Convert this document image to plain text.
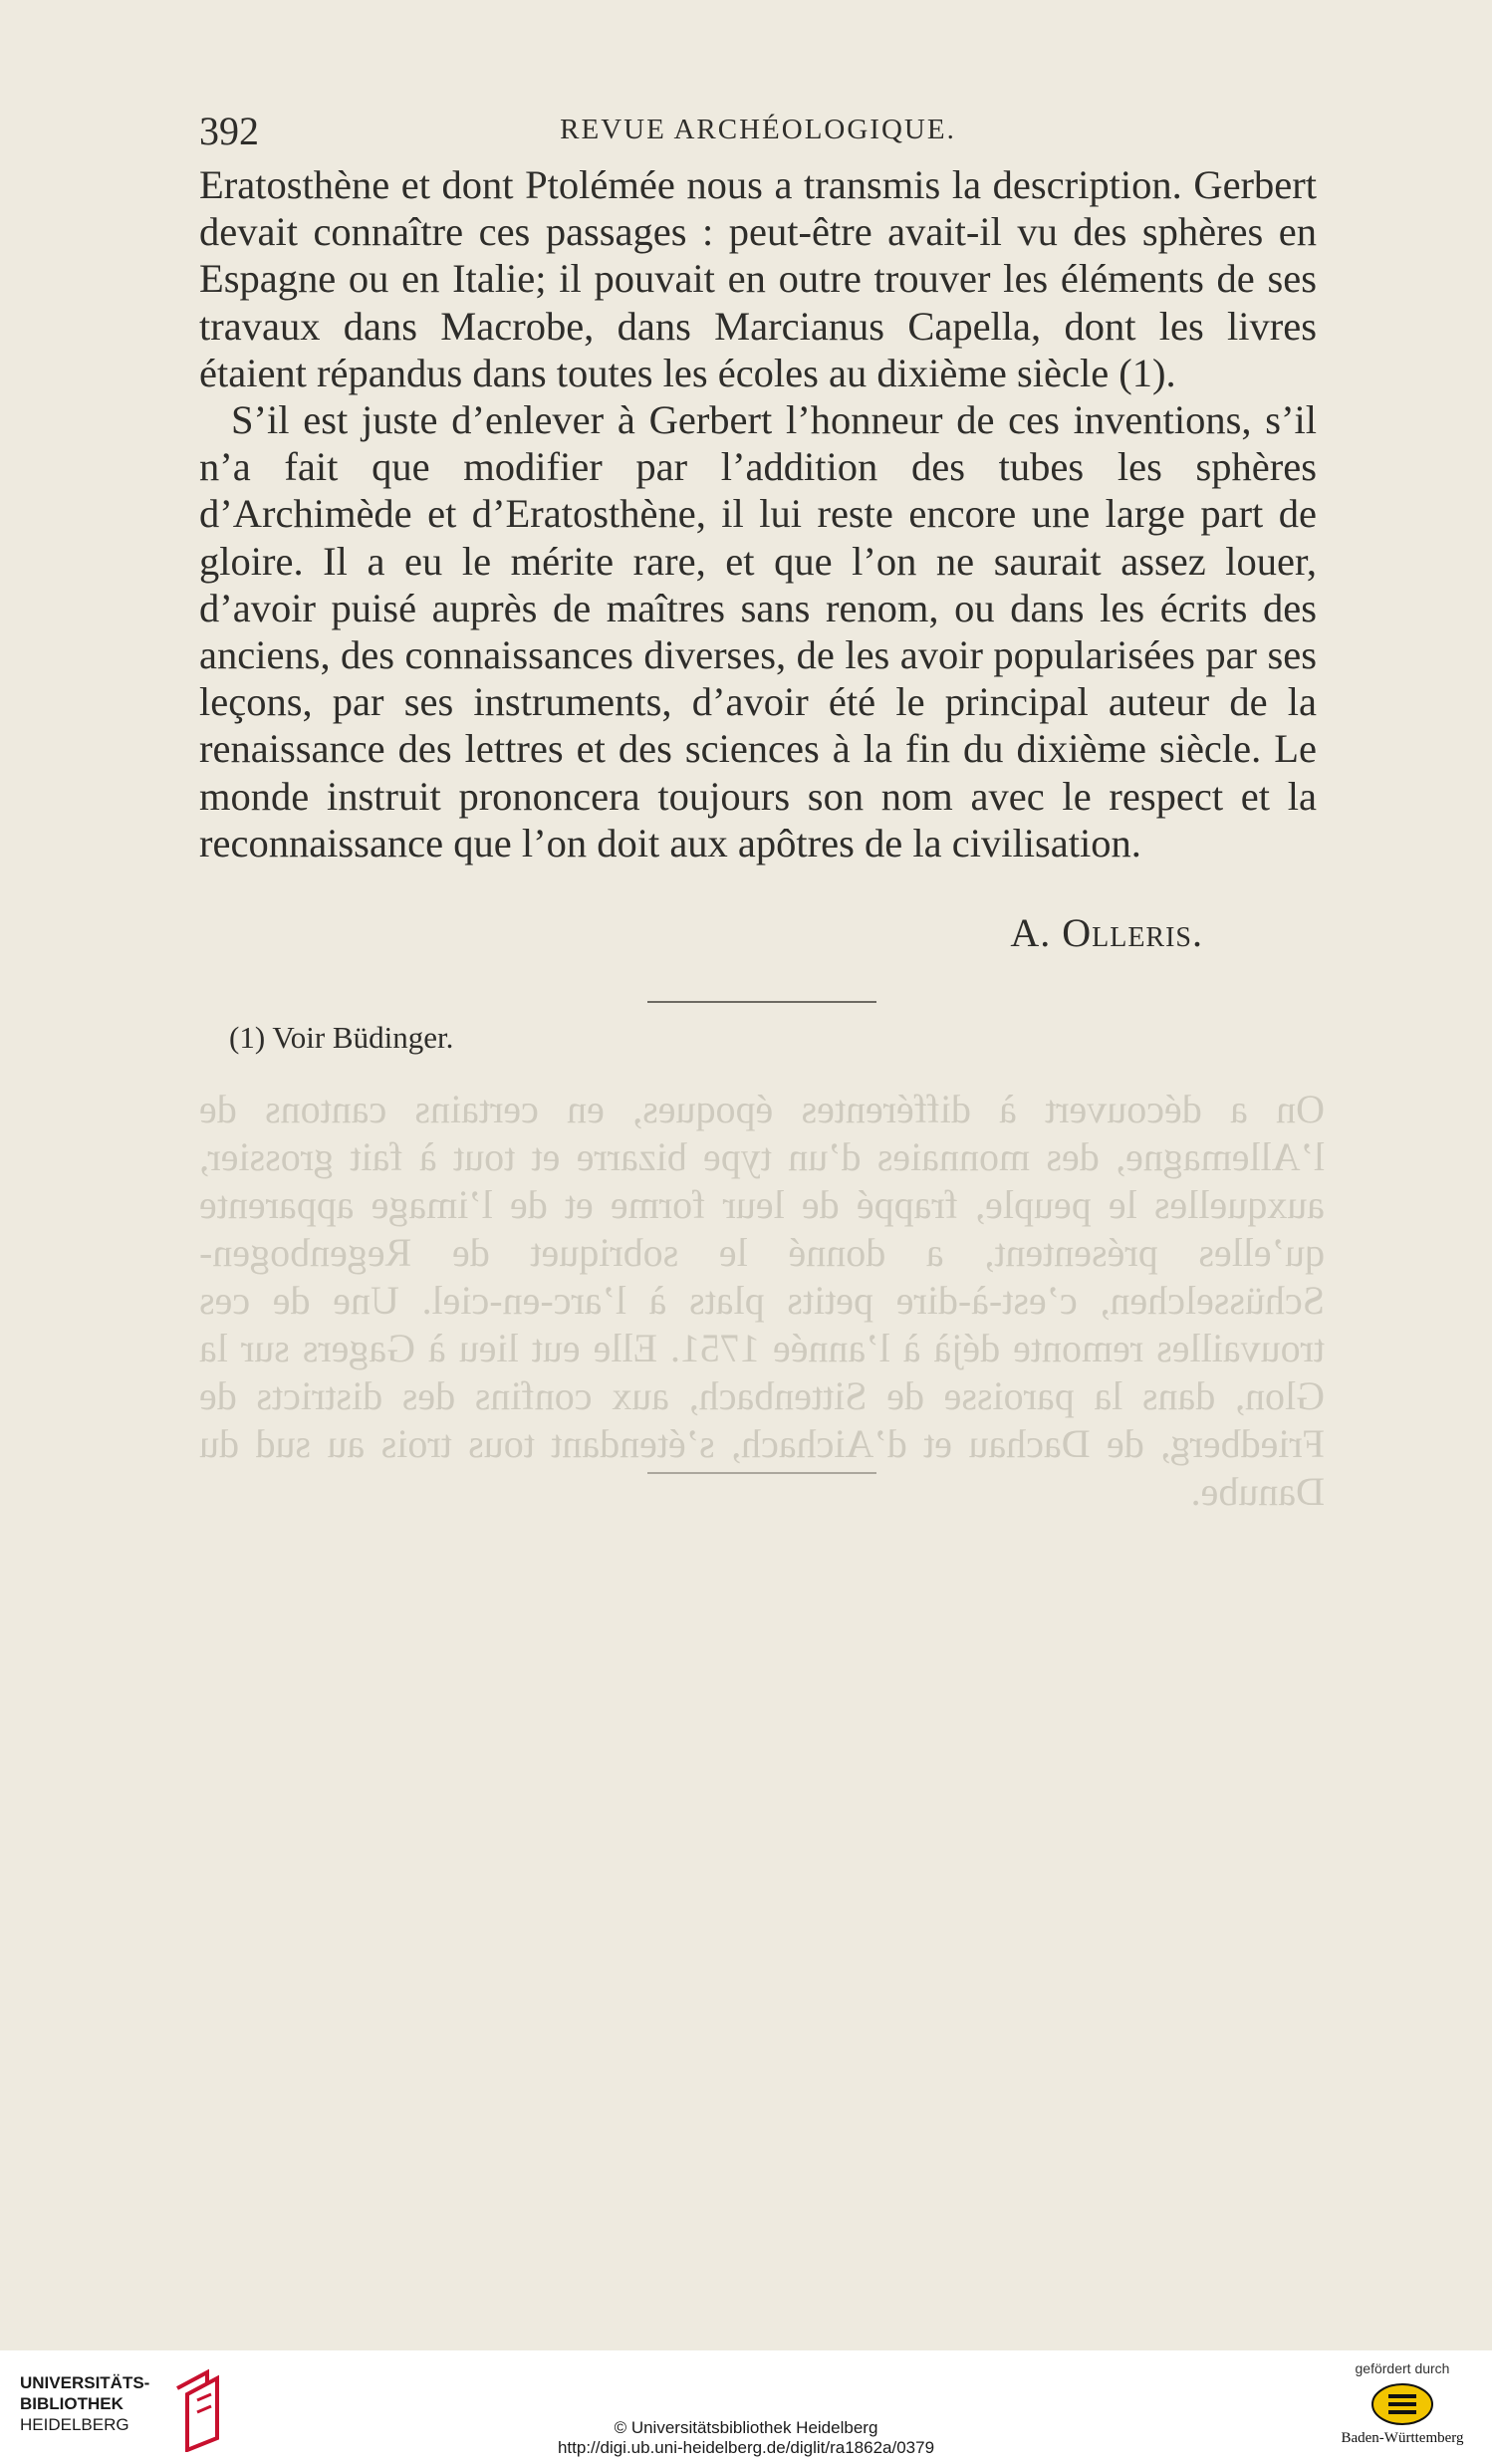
On a découvert à différentes époques, en certains cantons de l’Allemagne, des monnaies d’un type bizarre et tout à fait grossier, auxquelles le peuple, frappé de leur forme et de l’image apparente qu’elles présentent, a donné le sobriquet de Regenbogen-Schüsselchen, c’est-à-dire petits plats à l’arc-en-ciel. Une de ces trouvailles remonte déjà à l’année 1751. Elle eut lieu à Gagers sur la Glon, dans la paroisse de Sittenbach, aux confins des districts de Friedberg, de Dachau et d’Aichach, s’étendant tous trois au sud du Danube.
392	REVUE ARCHÉOLOGIQUE.

Eratosthène et dont Ptolémée nous a transmis la description. Gerbert devait connaître ces passages : peut-être avait-il vu des sphères en Espagne ou en Italie; il pouvait en outre trouver les éléments de ses travaux dans Macrobe, dans Marcianus Capella, dont les livres étaient répandus dans toutes les écoles au dixième siècle (1).

S’il est juste d’enlever à Gerbert l’honneur de ces inventions, s’il n’a fait que modifier par l’addition des tubes les sphères d’Archimède et d’Eratosthène, il lui reste encore une large part de gloire. Il a eu le mérite rare, et que l’on ne saurait assez louer, d’avoir puisé auprès de maîtres sans renom, ou dans les écrits des anciens, des connaissances diverses, de les avoir popularisées par ses leçons, par ses instruments, d’avoir été le principal auteur de la renaissance des lettres et des sciences à la fin du dixième siècle. Le monde instruit prononcera toujours son nom avec le respect et la reconnaissance que l’on doit aux apôtres de la civilisation.

A. Olleris.
(1) Voir Büdinger.
UNIVERSITÄTS-
BIBLIOTHEK
HEIDELBERG	© Universitätsbibliothek Heidelberg
http://digi.ub.uni-heidelberg.de/diglit/ra1862a/0379
gefördert durch
Baden-Württemberg
